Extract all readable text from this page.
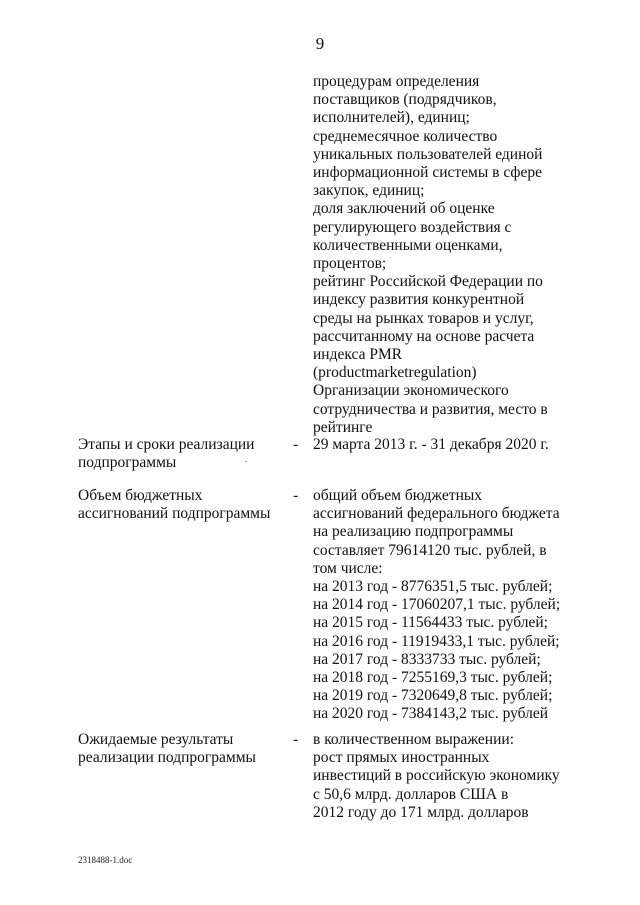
9
процедурам определения
поставщиков (подрядчиков,
исполнителей), единиц;
среднемесячное количество
уникальных пользователей единой
информационной системы в сфере
закупок, единиц;
доля заключений об оценке
регулирующего воздействия с
количественными оценками,
процентов;
рейтинг Российской Федерации по
индексу развития конкурентной
среды на рынках товаров и услуг,
рассчитанному на основе расчета
индекса PMR
(productmarketregulation)
Организации экономического
сотрудничества и развития, место в
рейтинге
Этапы и сроки реализации
подпрограммы
- 29 марта 2013 г. - 31 декабря 2020 г.
Объем бюджетных
ассигнований подпрограммы
- общий объем бюджетных
ассигнований федерального бюджета
на реализацию подпрограммы
составляет 79614120 тыс. рублей, в
том числе:
на 2013 год - 8776351,5 тыс. рублей;
на 2014 год - 17060207,1 тыс. рублей;
на 2015 год - 11564433 тыс. рублей;
на 2016 год - 11919433,1 тыс. рублей;
на 2017 год - 8333733 тыс. рублей;
на 2018 год - 7255169,3 тыс. рублей;
на 2019 год - 7320649,8 тыс. рублей;
на 2020 год - 7384143,2 тыс. рублей
Ожидаемые результаты
реализации подпрограммы
- в количественном выражении:
рост прямых иностранных
инвестиций в российскую экономику
с 50,6 млрд. долларов США в
2012 году до 171 млрд. долларов
2318488-1.doc
